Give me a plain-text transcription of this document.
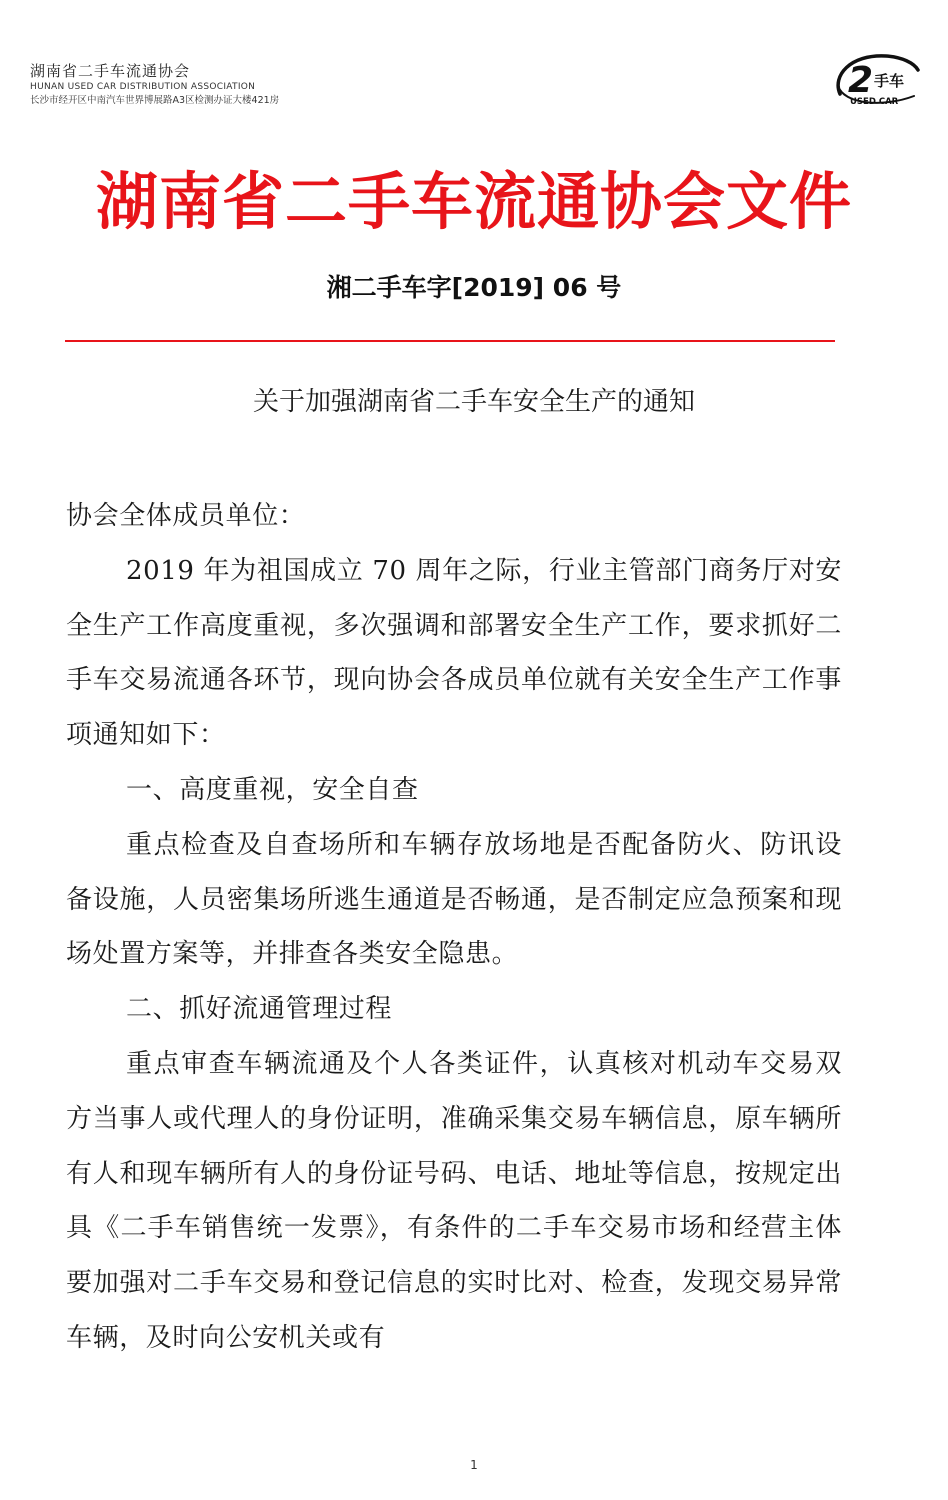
湖南省二手车流通协会
HUNAN USED CAR DISTRIBUTION ASSOCIATION
长沙市经开区中南汽车世界博展路A3区检测办证大楼421房	2 手车
USED CAR
湖南省二手车流通协会文件
湘二手车字[2019] 06 号
关于加强湖南省二手车安全生产的通知

协会全体成员单位：

2019 年为祖国成立 70 周年之际，行业主管部门商务厅对安全生产工作高度重视，多次强调和部署安全生产工作，要求抓好二手车交易流通各环节，现向协会各成员单位就有关安全生产工作事项通知如下：

一、高度重视，安全自查

重点检查及自查场所和车辆存放场地是否配备防火、防讯设备设施，人员密集场所逃生通道是否畅通，是否制定应急预案和现场处置方案等，并排查各类安全隐患。

二、抓好流通管理过程

重点审查车辆流通及个人各类证件，认真核对机动车交易双方当事人或代理人的身份证明，准确采集交易车辆信息，原车辆所有人和现车辆所有人的身份证号码、电话、地址等信息，按规定出具《二手车销售统一发票》，有条件的二手车交易市场和经营主体要加强对二手车交易和登记信息的实时比对、检查，发现交易异常车辆，及时向公安机关或有

1
